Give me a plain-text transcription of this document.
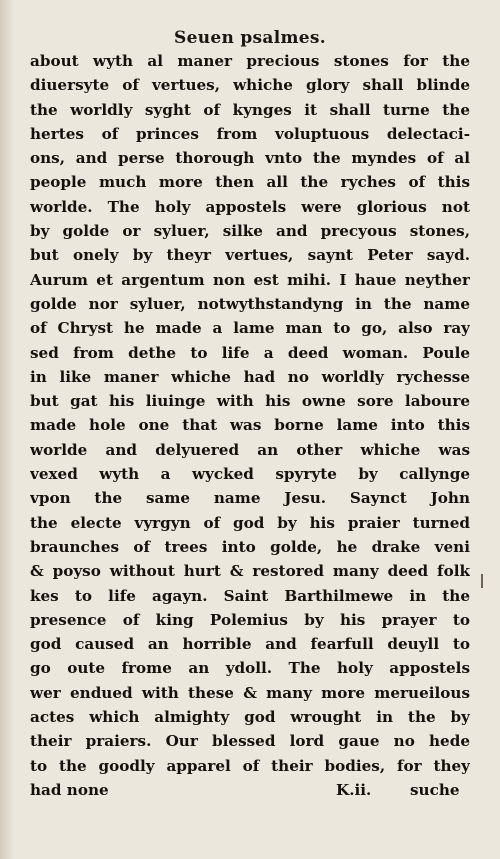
Seuen psalmes.
about wyth al maner precious stones for the
diuersyte of vertues, whiche glory shall blinde
the worldly syght of kynges it shall turne the
hertes of princes from voluptuous delectaci-
ons, and perse thorough vnto the myndes of al
people much more then all the ryches of this
worlde. The holy appostels were glorious not
by golde or syluer, silke and precyous stones,
but onely by theyr vertues, saynt Peter sayd.
Aurum et argentum non est mihi. I haue neyther
golde nor syluer, notwythstandyng in the name
of Chryst he made a lame man to go, also ray
sed from dethe to life a deed woman. Poule
in like maner whiche had no worldly rychesse
but gat his liuinge with his owne sore laboure
made hole one that was borne lame into this
worlde and delyuered an other whiche was
vexed wyth a wycked spyryte by callynge
vpon the same name Jesu. Saynct John
the electe vyrgyn of god by his praier turned
braunches of trees into golde, he drake veni
& poyso without hurt & restored many deed folk
kes to life agayn. Saint Barthilmewe in the
presence of king Polemius by his prayer to
god caused an horrible and fearfull deuyll to
go oute frome an ydoll. The holy appostels
wer endued with these & many more merueilous
actes which almighty god wrought in the by
their praiers. Our blessed lord gaue no hede
to the goodly apparel of their bodies, for they
had none	K.ii.	suche
